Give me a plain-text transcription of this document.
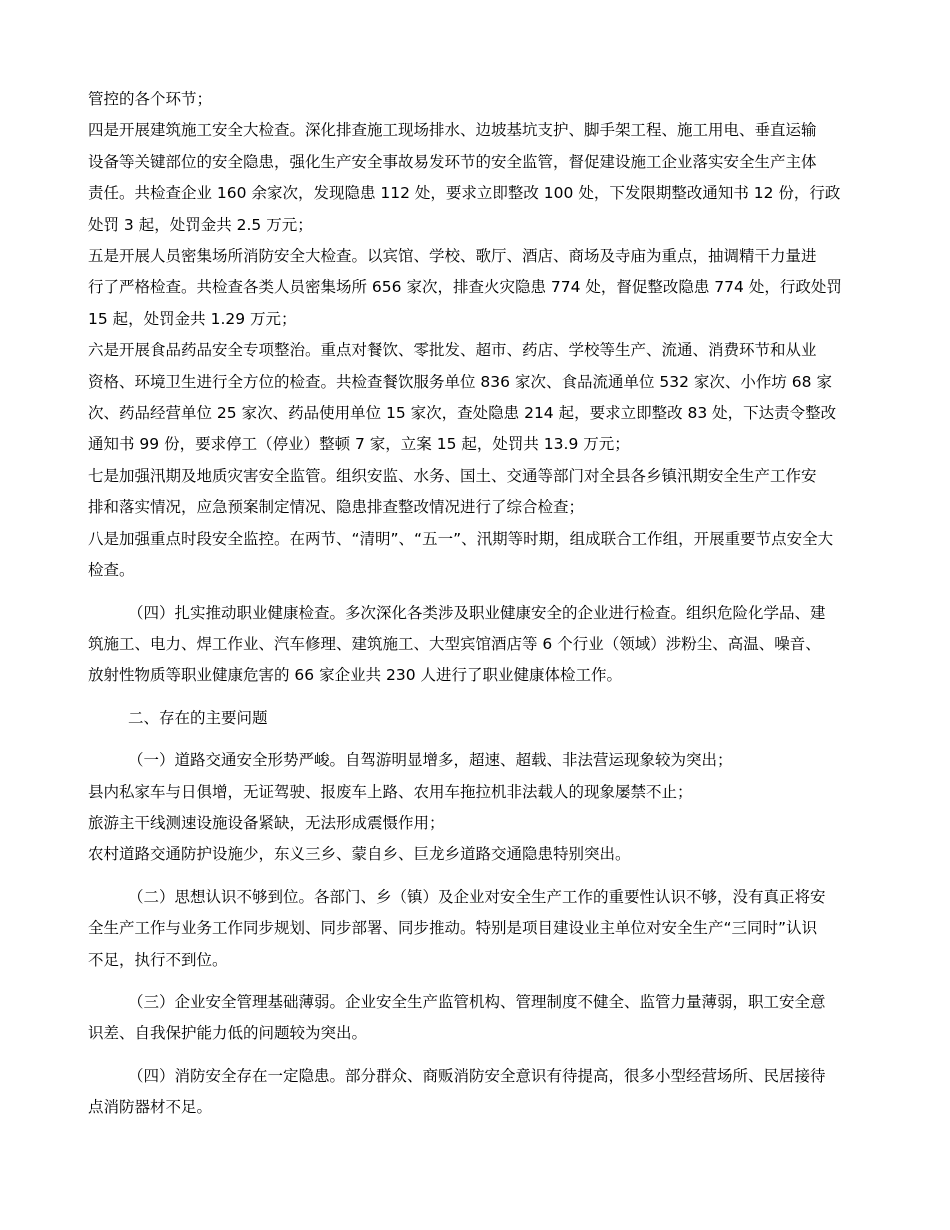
管控的各个环节；

四是开展建筑施工安全大检查。深化排查施工现场排水、边坡基坑支护、脚手架工程、施工用电、垂直运输

设备等关键部位的安全隐患，强化生产安全事故易发环节的安全监管，督促建设施工企业落实安全生产主体

责任。共检查企业 160 余家次，发现隐患 112 处，要求立即整改 100 处，下发限期整改通知书 12 份，行政

处罚 3 起，处罚金共 2.5 万元；

五是开展人员密集场所消防安全大检查。以宾馆、学校、歌厅、酒店、商场及寺庙为重点，抽调精干力量进

行了严格检查。共检查各类人员密集场所 656 家次，排查火灾隐患 774 处，督促整改隐患 774 处，行政处罚

15 起，处罚金共 1.29 万元；

六是开展食品药品安全专项整治。重点对餐饮、零批发、超市、药店、学校等生产、流通、消费环节和从业

资格、环境卫生进行全方位的检查。共检查餐饮服务单位 836 家次、食品流通单位 532 家次、小作坊 68 家

次、药品经营单位 25 家次、药品使用单位 15 家次，查处隐患 214 起，要求立即整改 83 处，下达责令整改

通知书 99 份，要求停工（停业）整顿 7 家，立案 15 起，处罚共 13.9 万元；

七是加强汛期及地质灾害安全监管。组织安监、水务、国土、交通等部门对全县各乡镇汛期安全生产工作安

排和落实情况，应急预案制定情况、隐患排查整改情况进行了综合检查；

八是加强重点时段安全监控。在两节、“清明”、“五一”、汛期等时期，组成联合工作组，开展重要节点安全大

检查。

（四）扎实推动职业健康检查。多次深化各类涉及职业健康安全的企业进行检查。组织危险化学品、建

筑施工、电力、焊工作业、汽车修理、建筑施工、大型宾馆酒店等 6 个行业（领域）涉粉尘、高温、噪音、

放射性物质等职业健康危害的 66 家企业共 230 人进行了职业健康体检工作。

二、存在的主要问题

（一）道路交通安全形势严峻。自驾游明显增多，超速、超载、非法营运现象较为突出；

县内私家车与日俱增，无证驾驶、报废车上路、农用车拖拉机非法载人的现象屡禁不止；

旅游主干线测速设施设备紧缺，无法形成震慑作用；

农村道路交通防护设施少，东义三乡、蒙自乡、巨龙乡道路交通隐患特别突出。

（二）思想认识不够到位。各部门、乡（镇）及企业对安全生产工作的重要性认识不够，没有真正将安

全生产工作与业务工作同步规划、同步部署、同步推动。特别是项目建设业主单位对安全生产“三同时”认识

不足，执行不到位。

（三）企业安全管理基础薄弱。企业安全生产监管机构、管理制度不健全、监管力量薄弱，职工安全意

识差、自我保护能力低的问题较为突出。

（四）消防安全存在一定隐患。部分群众、商贩消防安全意识有待提高，很多小型经营场所、民居接待

点消防器材不足。
